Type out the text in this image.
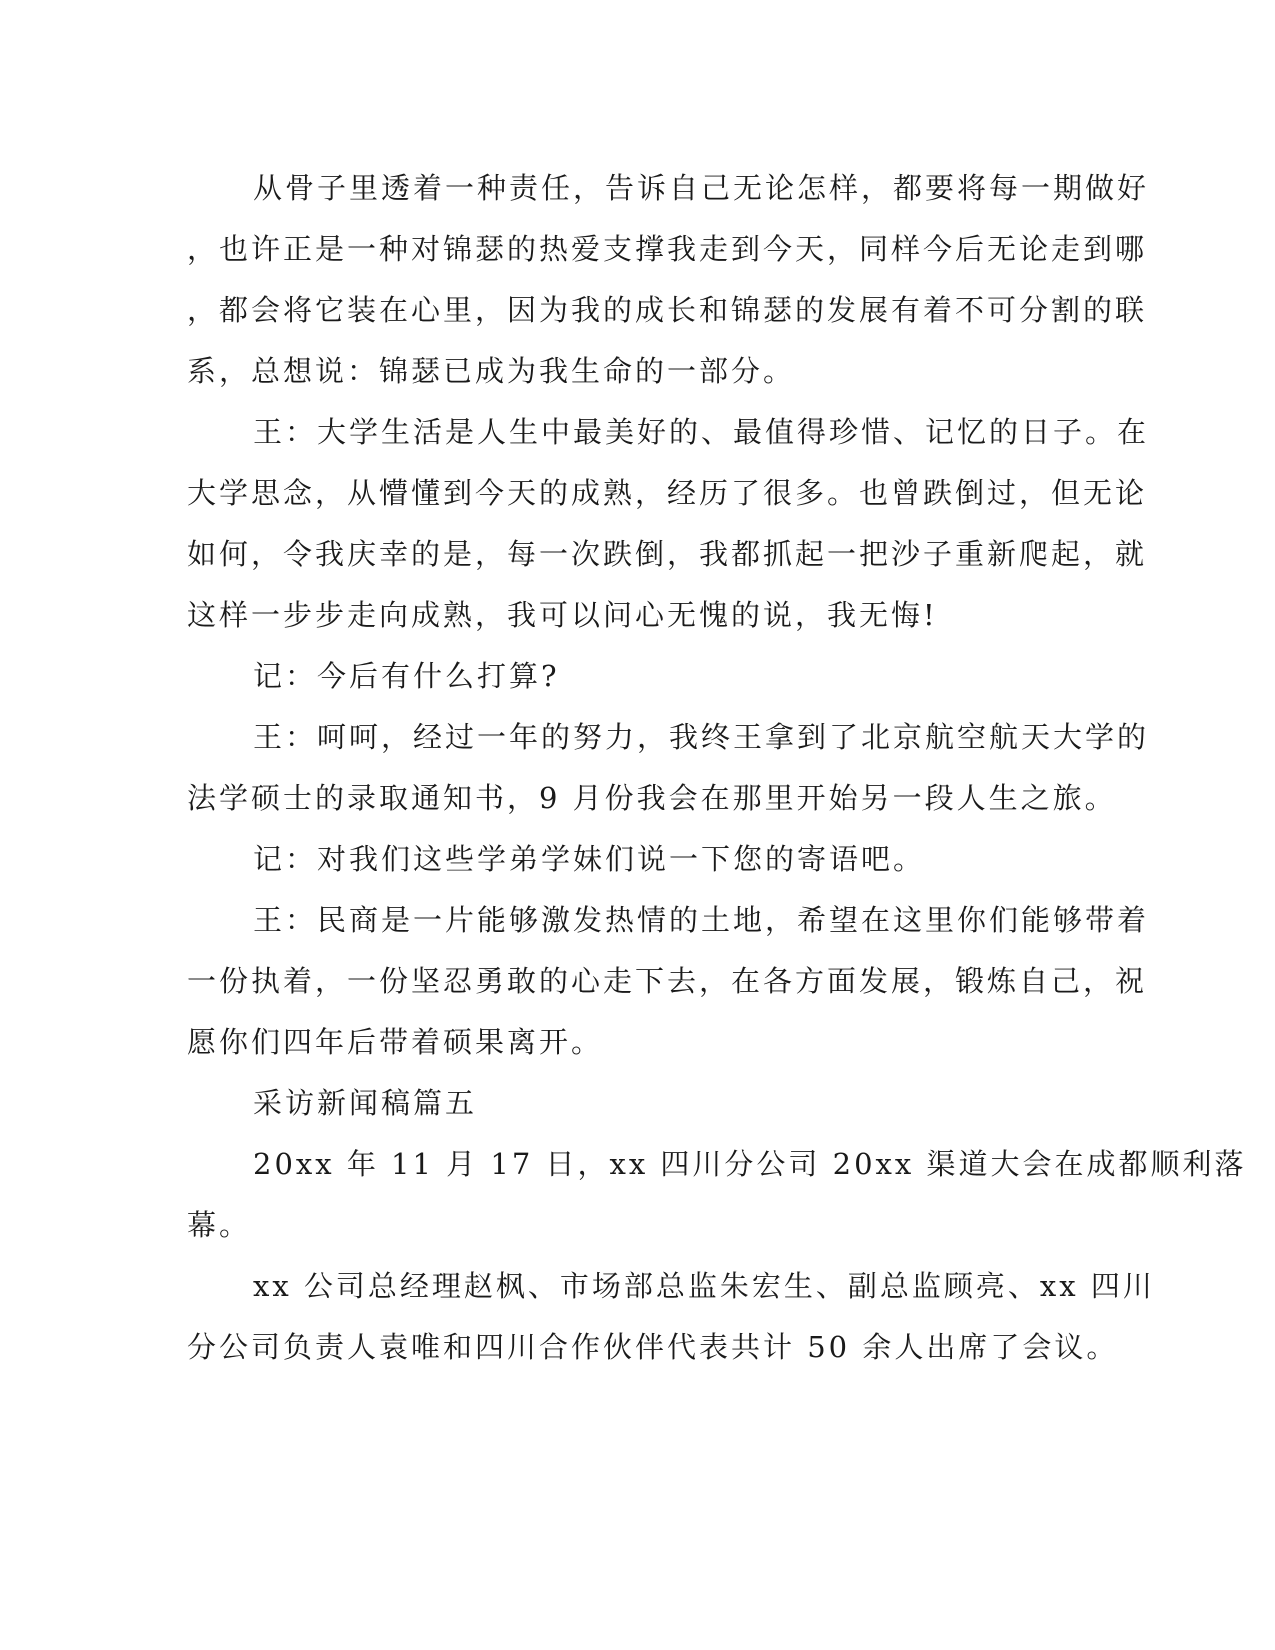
从骨子里透着一种责任，告诉自己无论怎样，都要将每一期做好
，也许正是一种对锦瑟的热爱支撑我走到今天，同样今后无论走到哪
，都会将它装在心里，因为我的成长和锦瑟的发展有着不可分割的联
系，总想说：锦瑟已成为我生命的一部分。

王：大学生活是人生中最美好的、最值得珍惜、记忆的日子。在
大学思念，从懵懂到今天的成熟，经历了很多。也曾跌倒过，但无论
如何，令我庆幸的是，每一次跌倒，我都抓起一把沙子重新爬起，就
这样一步步走向成熟，我可以问心无愧的说，我无悔!

记：今后有什么打算?

王：呵呵，经过一年的努力，我终王拿到了北京航空航天大学的
法学硕士的录取通知书，9 月份我会在那里开始另一段人生之旅。

记：对我们这些学弟学妹们说一下您的寄语吧。

王：民商是一片能够激发热情的土地，希望在这里你们能够带着
一份执着，一份坚忍勇敢的心走下去，在各方面发展，锻炼自己，祝
愿你们四年后带着硕果离开。

采访新闻稿篇五

20xx 年 11 月 17 日，xx 四川分公司 20xx 渠道大会在成都顺利落
幕。

xx 公司总经理赵枫、市场部总监朱宏生、副总监顾亮、xx 四川
分公司负责人袁唯和四川合作伙伴代表共计 50 余人出席了会议。
